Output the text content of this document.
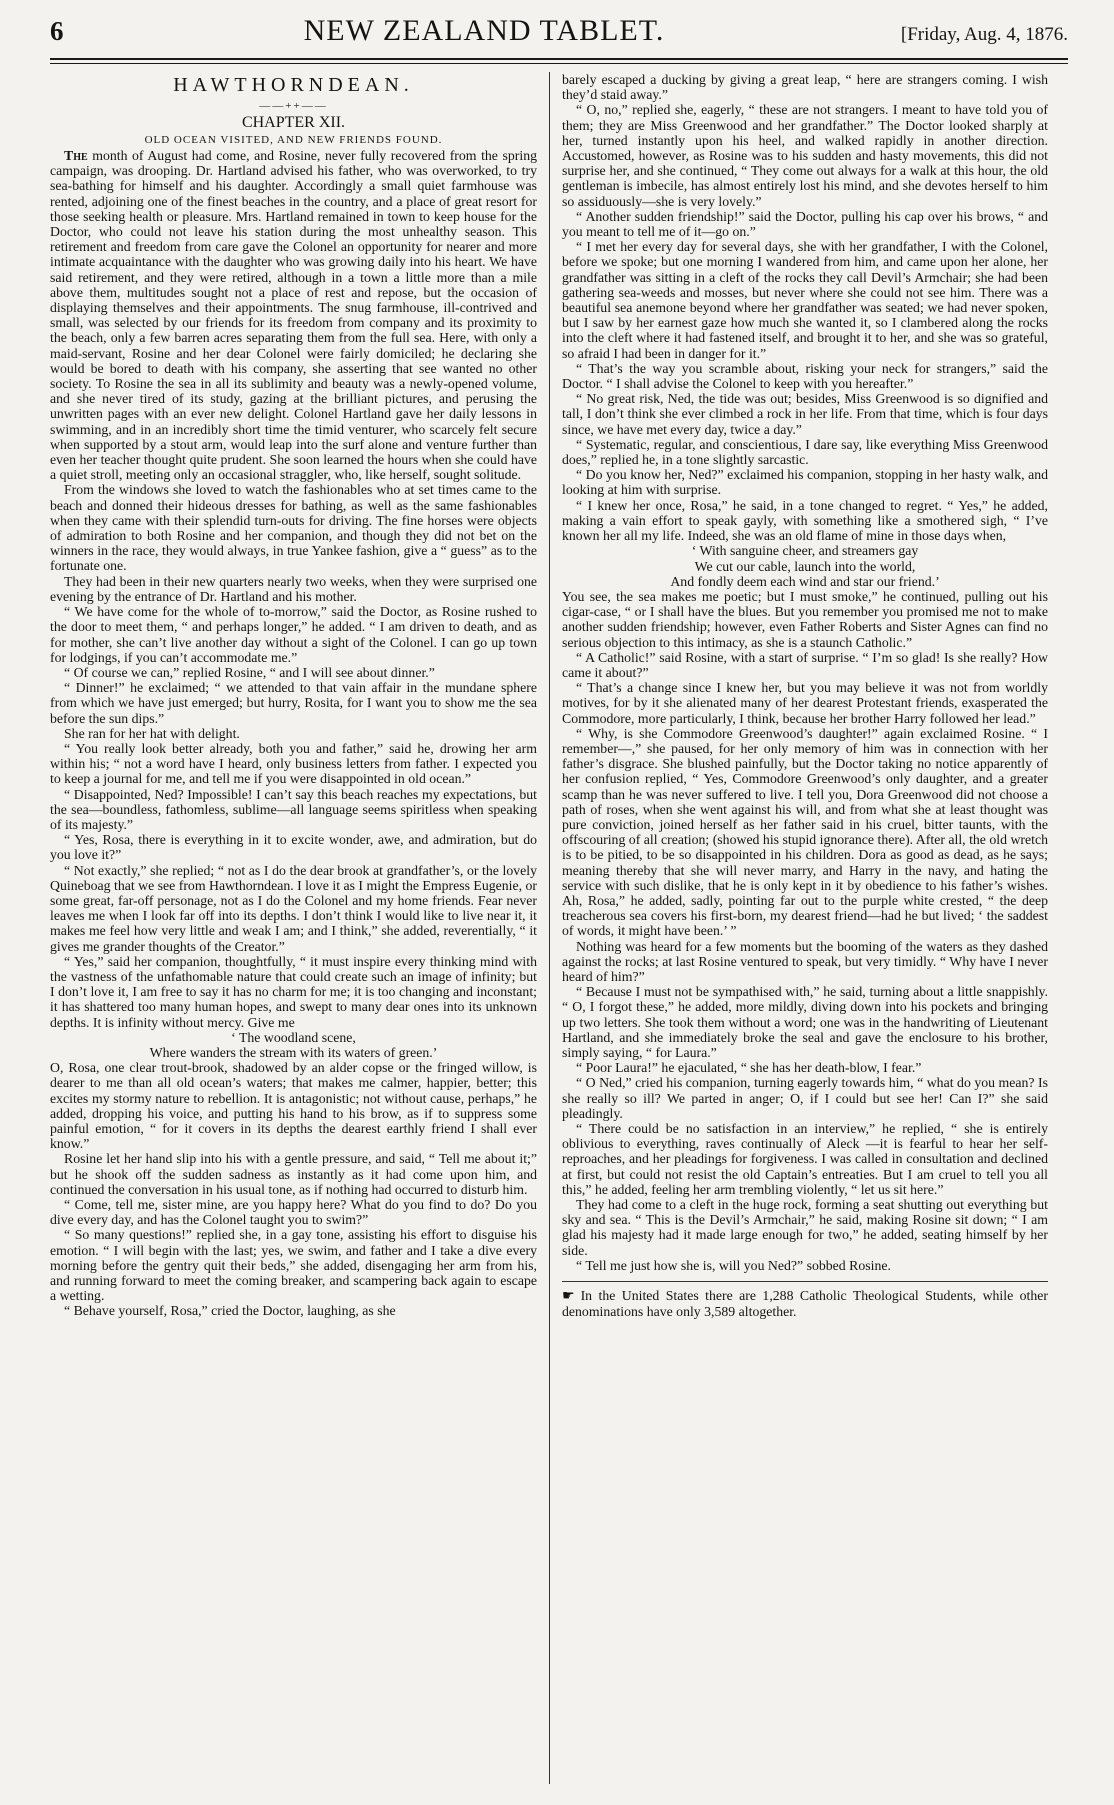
6	NEW ZEALAND TABLET.	[Friday, Aug. 4, 1876.
HAWTHORNDEAN.
——++——
CHAPTER XII.
OLD OCEAN VISITED, AND NEW FRIENDS FOUND.

The month of August had come, and Rosine, never fully recovered from the spring campaign, was drooping. Dr. Hartland advised his father, who was overworked, to try sea-bathing for himself and his daughter. Accordingly a small quiet farmhouse was rented, adjoining one of the finest beaches in the country, and a place of great resort for those seeking health or pleasure. Mrs. Hartland remained in town to keep house for the Doctor, who could not leave his station during the most unhealthy season. This retirement and freedom from care gave the Colonel an opportunity for nearer and more intimate acquaintance with the daughter who was growing daily into his heart. We have said retirement, and they were retired, although in a town a little more than a mile above them, multitudes sought not a place of rest and repose, but the occasion of displaying themselves and their appointments. The snug farmhouse, ill-contrived and small, was selected by our friends for its freedom from company and its proximity to the beach, only a few barren acres separating them from the full sea. Here, with only a maid-servant, Rosine and her dear Colonel were fairly domiciled; he declaring she would be bored to death with his company, she asserting that see wanted no other society. To Rosine the sea in all its sublimity and beauty was a newly-opened volume, and she never tired of its study, gazing at the brilliant pictures, and perusing the unwritten pages with an ever new delight. Colonel Hartland gave her daily lessons in swimming, and in an incredibly short time the timid venturer, who scarcely felt secure when supported by a stout arm, would leap into the surf alone and venture further than even her teacher thought quite prudent. She soon learned the hours when she could have a quiet stroll, meeting only an occasional straggler, who, like herself, sought solitude.

From the windows she loved to watch the fashionables who at set times came to the beach and donned their hideous dresses for bathing, as well as the same fashionables when they came with their splendid turn-outs for driving. The fine horses were objects of admiration to both Rosine and her companion, and though they did not bet on the winners in the race, they would always, in true Yankee fashion, give a “ guess” as to the fortunate one.

They had been in their new quarters nearly two weeks, when they were surprised one evening by the entrance of Dr. Hartland and his mother.

“ We have come for the whole of to-morrow,” said the Doctor, as Rosine rushed to the door to meet them, “ and perhaps longer,” he added. “ I am driven to death, and as for mother, she can’t live another day without a sight of the Colonel. I can go up town for lodgings, if you can’t accommodate me.”

“ Of course we can,” replied Rosine, “ and I will see about dinner.”

“ Dinner!” he exclaimed; “ we attended to that vain affair in the mundane sphere from which we have just emerged; but hurry, Rosita, for I want you to show me the sea before the sun dips.”

She ran for her hat with delight.

“ You really look better already, both you and father,” said he, drowing her arm within his; “ not a word have I heard, only business letters from father. I expected you to keep a journal for me, and tell me if you were disappointed in old ocean.”

“ Disappointed, Ned? Impossible! I can’t say this beach reaches my expectations, but the sea—boundless, fathomless, sublime—all language seems spiritless when speaking of its majesty.”

“ Yes, Rosa, there is everything in it to excite wonder, awe, and admiration, but do you love it?”

“ Not exactly,” she replied; “ not as I do the dear brook at grandfather’s, or the lovely Quineboag that we see from Hawthorndean. I love it as I might the Empress Eugenie, or some great, far-off personage, not as I do the Colonel and my home friends. Fear never leaves me when I look far off into its depths. I don’t think I would like to live near it, it makes me feel how very little and weak I am; and I think,” she added, reverentially, “ it gives me grander thoughts of the Creator.”

“ Yes,” said her companion, thoughtfully, “ it must inspire every thinking mind with the vastness of the unfathomable nature that could create such an image of infinity; but I don’t love it, I am free to say it has no charm for me; it is too changing and inconstant; it has shattered too many human hopes, and swept to many dear ones into its unknown depths. It is infinity without mercy. Give me

‘ The woodland scene,
Where wanders the stream with its waters of green.’

O, Rosa, one clear trout-brook, shadowed by an alder copse or the fringed willow, is dearer to me than all old ocean’s waters; that makes me calmer, happier, better; this excites my stormy nature to rebellion. It is antagonistic; not without cause, perhaps,” he added, dropping his voice, and putting his hand to his brow, as if to suppress some painful emotion, “ for it covers in its depths the dearest earthly friend I shall ever know.”

Rosine let her hand slip into his with a gentle pressure, and said, “ Tell me about it;” but he shook off the sudden sadness as instantly as it had come upon him, and continued the conversation in his usual tone, as if nothing had occurred to disturb him.

“ Come, tell me, sister mine, are you happy here? What do you find to do? Do you dive every day, and has the Colonel taught you to swim?”

“ So many questions!” replied she, in a gay tone, assisting his effort to disguise his emotion. “ I will begin with the last; yes, we swim, and father and I take a dive every morning before the gentry quit their beds,” she added, disengaging her arm from his, and running forward to meet the coming breaker, and scampering back again to escape a wetting.

“ Behave yourself, Rosa,” cried the Doctor, laughing, as she

barely escaped a ducking by giving a great leap, “ here are strangers coming. I wish they’d staid away.”

“ O, no,” replied she, eagerly, “ these are not strangers. I meant to have told you of them; they are Miss Greenwood and her grandfather.” The Doctor looked sharply at her, turned instantly upon his heel, and walked rapidly in another direction. Accustomed, however, as Rosine was to his sudden and hasty movements, this did not surprise her, and she continued, “ They come out always for a walk at this hour, the old gentleman is imbecile, has almost entirely lost his mind, and she devotes herself to him so assiduously—she is very lovely.”

“ Another sudden friendship!” said the Doctor, pulling his cap over his brows, “ and you meant to tell me of it—go on.”

“ I met her every day for several days, she with her grandfather, I with the Colonel, before we spoke; but one morning I wandered from him, and came upon her alone, her grandfather was sitting in a cleft of the rocks they call Devil’s Armchair; she had been gathering sea-weeds and mosses, but never where she could not see him. There was a beautiful sea anemone beyond where her grandfather was seated; we had never spoken, but I saw by her earnest gaze how much she wanted it, so I clambered along the rocks into the cleft where it had fastened itself, and brought it to her, and she was so grateful, so afraid I had been in danger for it.”

“ That’s the way you scramble about, risking your neck for strangers,” said the Doctor. “ I shall advise the Colonel to keep with you hereafter.”

“ No great risk, Ned, the tide was out; besides, Miss Greenwood is so dignified and tall, I don’t think she ever climbed a rock in her life. From that time, which is four days since, we have met every day, twice a day.”

“ Systematic, regular, and conscientious, I dare say, like everything Miss Greenwood does,” replied he, in a tone slightly sarcastic.

“ Do you know her, Ned?” exclaimed his companion, stopping in her hasty walk, and looking at him with surprise.

“ I knew her once, Rosa,” he said, in a tone changed to regret. “ Yes,” he added, making a vain effort to speak gayly, with something like a smothered sigh, “ I’ve known her all my life. Indeed, she was an old flame of mine in those days when,

‘ With sanguine cheer, and streamers gay
We cut our cable, launch into the world,
And fondly deem each wind and star our friend.’

You see, the sea makes me poetic; but I must smoke,” he continued, pulling out his cigar-case, “ or I shall have the blues. But you remember you promised me not to make another sudden friendship; however, even Father Roberts and Sister Agnes can find no serious objection to this intimacy, as she is a staunch Catholic.”

“ A Catholic!” said Rosine, with a start of surprise. “ I’m so glad! Is she really? How came it about?”

“ That’s a change since I knew her, but you may believe it was not from worldly motives, for by it she alienated many of her dearest Protestant friends, exasperated the Commodore, more particularly, I think, because her brother Harry followed her lead.”

“ Why, is she Commodore Greenwood’s daughter!” again exclaimed Rosine. “ I remember—,” she paused, for her only memory of him was in connection with her father’s disgrace. She blushed painfully, but the Doctor taking no notice apparently of her confusion replied, “ Yes, Commodore Greenwood’s only daughter, and a greater scamp than he was never suffered to live. I tell you, Dora Greenwood did not choose a path of roses, when she went against his will, and from what she at least thought was pure conviction, joined herself as her father said in his cruel, bitter taunts, with the offscouring of all creation; (showed his stupid ignorance there). After all, the old wretch is to be pitied, to be so disappointed in his children. Dora as good as dead, as he says; meaning thereby that she will never marry, and Harry in the navy, and hating the service with such dislike, that he is only kept in it by obedience to his father’s wishes. Ah, Rosa,” he added, sadly, pointing far out to the purple white crested, “ the deep treacherous sea covers his first-born, my dearest friend—had he but lived; ‘ the saddest of words, it might have been.’ ”

Nothing was heard for a few moments but the booming of the waters as they dashed against the rocks; at last Rosine ventured to speak, but very timidly. “ Why have I never heard of him?”

“ Because I must not be sympathised with,” he said, turning about a little snappishly. “ O, I forgot these,” he added, more mildly, diving down into his pockets and bringing up two letters. She took them without a word; one was in the handwriting of Lieutenant Hartland, and she immediately broke the seal and gave the enclosure to his brother, simply saying, “ for Laura.”

“ Poor Laura!” he ejaculated, “ she has her death-blow, I fear.”

“ O Ned,” cried his companion, turning eagerly towards him, “ what do you mean? Is she really so ill? We parted in anger; O, if I could but see her! Can I?” she said pleadingly.

“ There could be no satisfaction in an interview,” he replied, “ she is entirely oblivious to everything, raves continually of Aleck —it is fearful to hear her self-reproaches, and her pleadings for forgiveness. I was called in consultation and declined at first, but could not resist the old Captain’s entreaties. But I am cruel to tell you all this,” he added, feeling her arm trembling violently, “ let us sit here.”

They had come to a cleft in the huge rock, forming a seat shutting out everything but sky and sea. “ This is the Devil’s Armchair,” he said, making Rosine sit down; “ I am glad his majesty had it made large enough for two,” he added, seating himself by her side.

“ Tell me just how she is, will you Ned?” sobbed Rosine.

☛ In the United States there are 1,288 Catholic Theological Students, while other denominations have only 3,589 altogether.
